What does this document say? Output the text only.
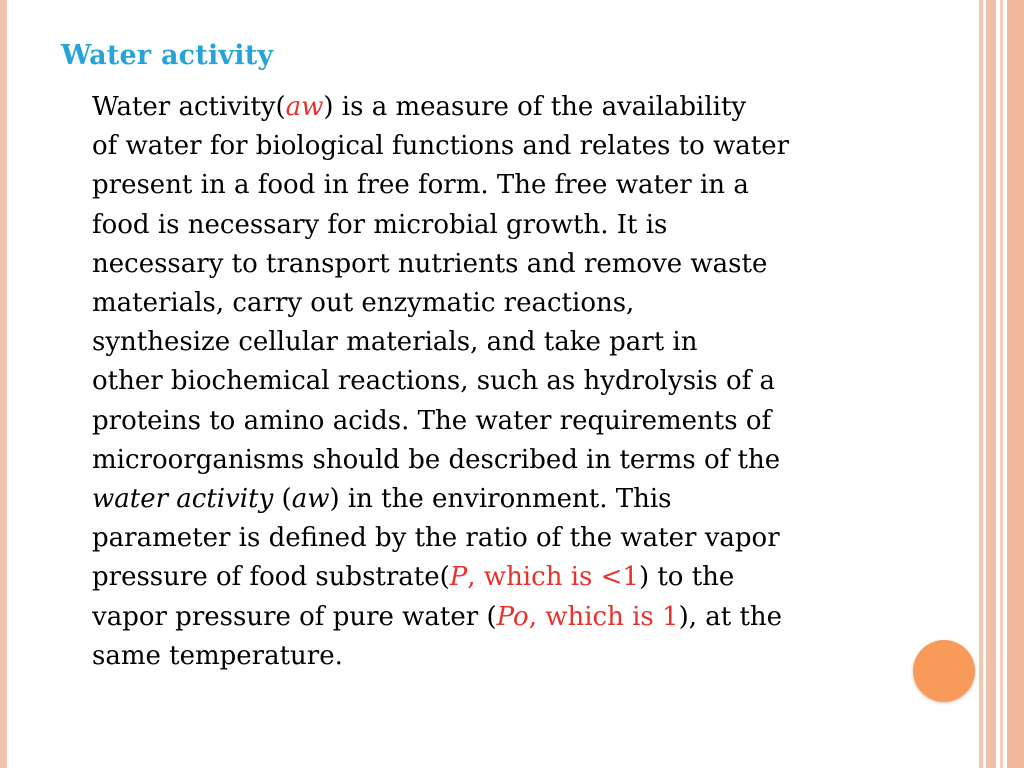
Water activity
Water activity(aw) is a measure of the availability
of water for biological functions and relates to water
present in a food in free form. The free water in a
food is necessary for microbial growth. It is
necessary to transport nutrients and remove waste
materials, carry out enzymatic reactions,
synthesize cellular materials, and take part in
other biochemical reactions, such as hydrolysis of a
proteins to amino acids. The water requirements of
microorganisms should be described in terms of the
water activity (aw) in the environment. This
parameter is defined by the ratio of the water vapor
pressure of food substrate(P, which is <1) to the
vapor pressure of pure water (Po, which is 1), at the
same temperature.
